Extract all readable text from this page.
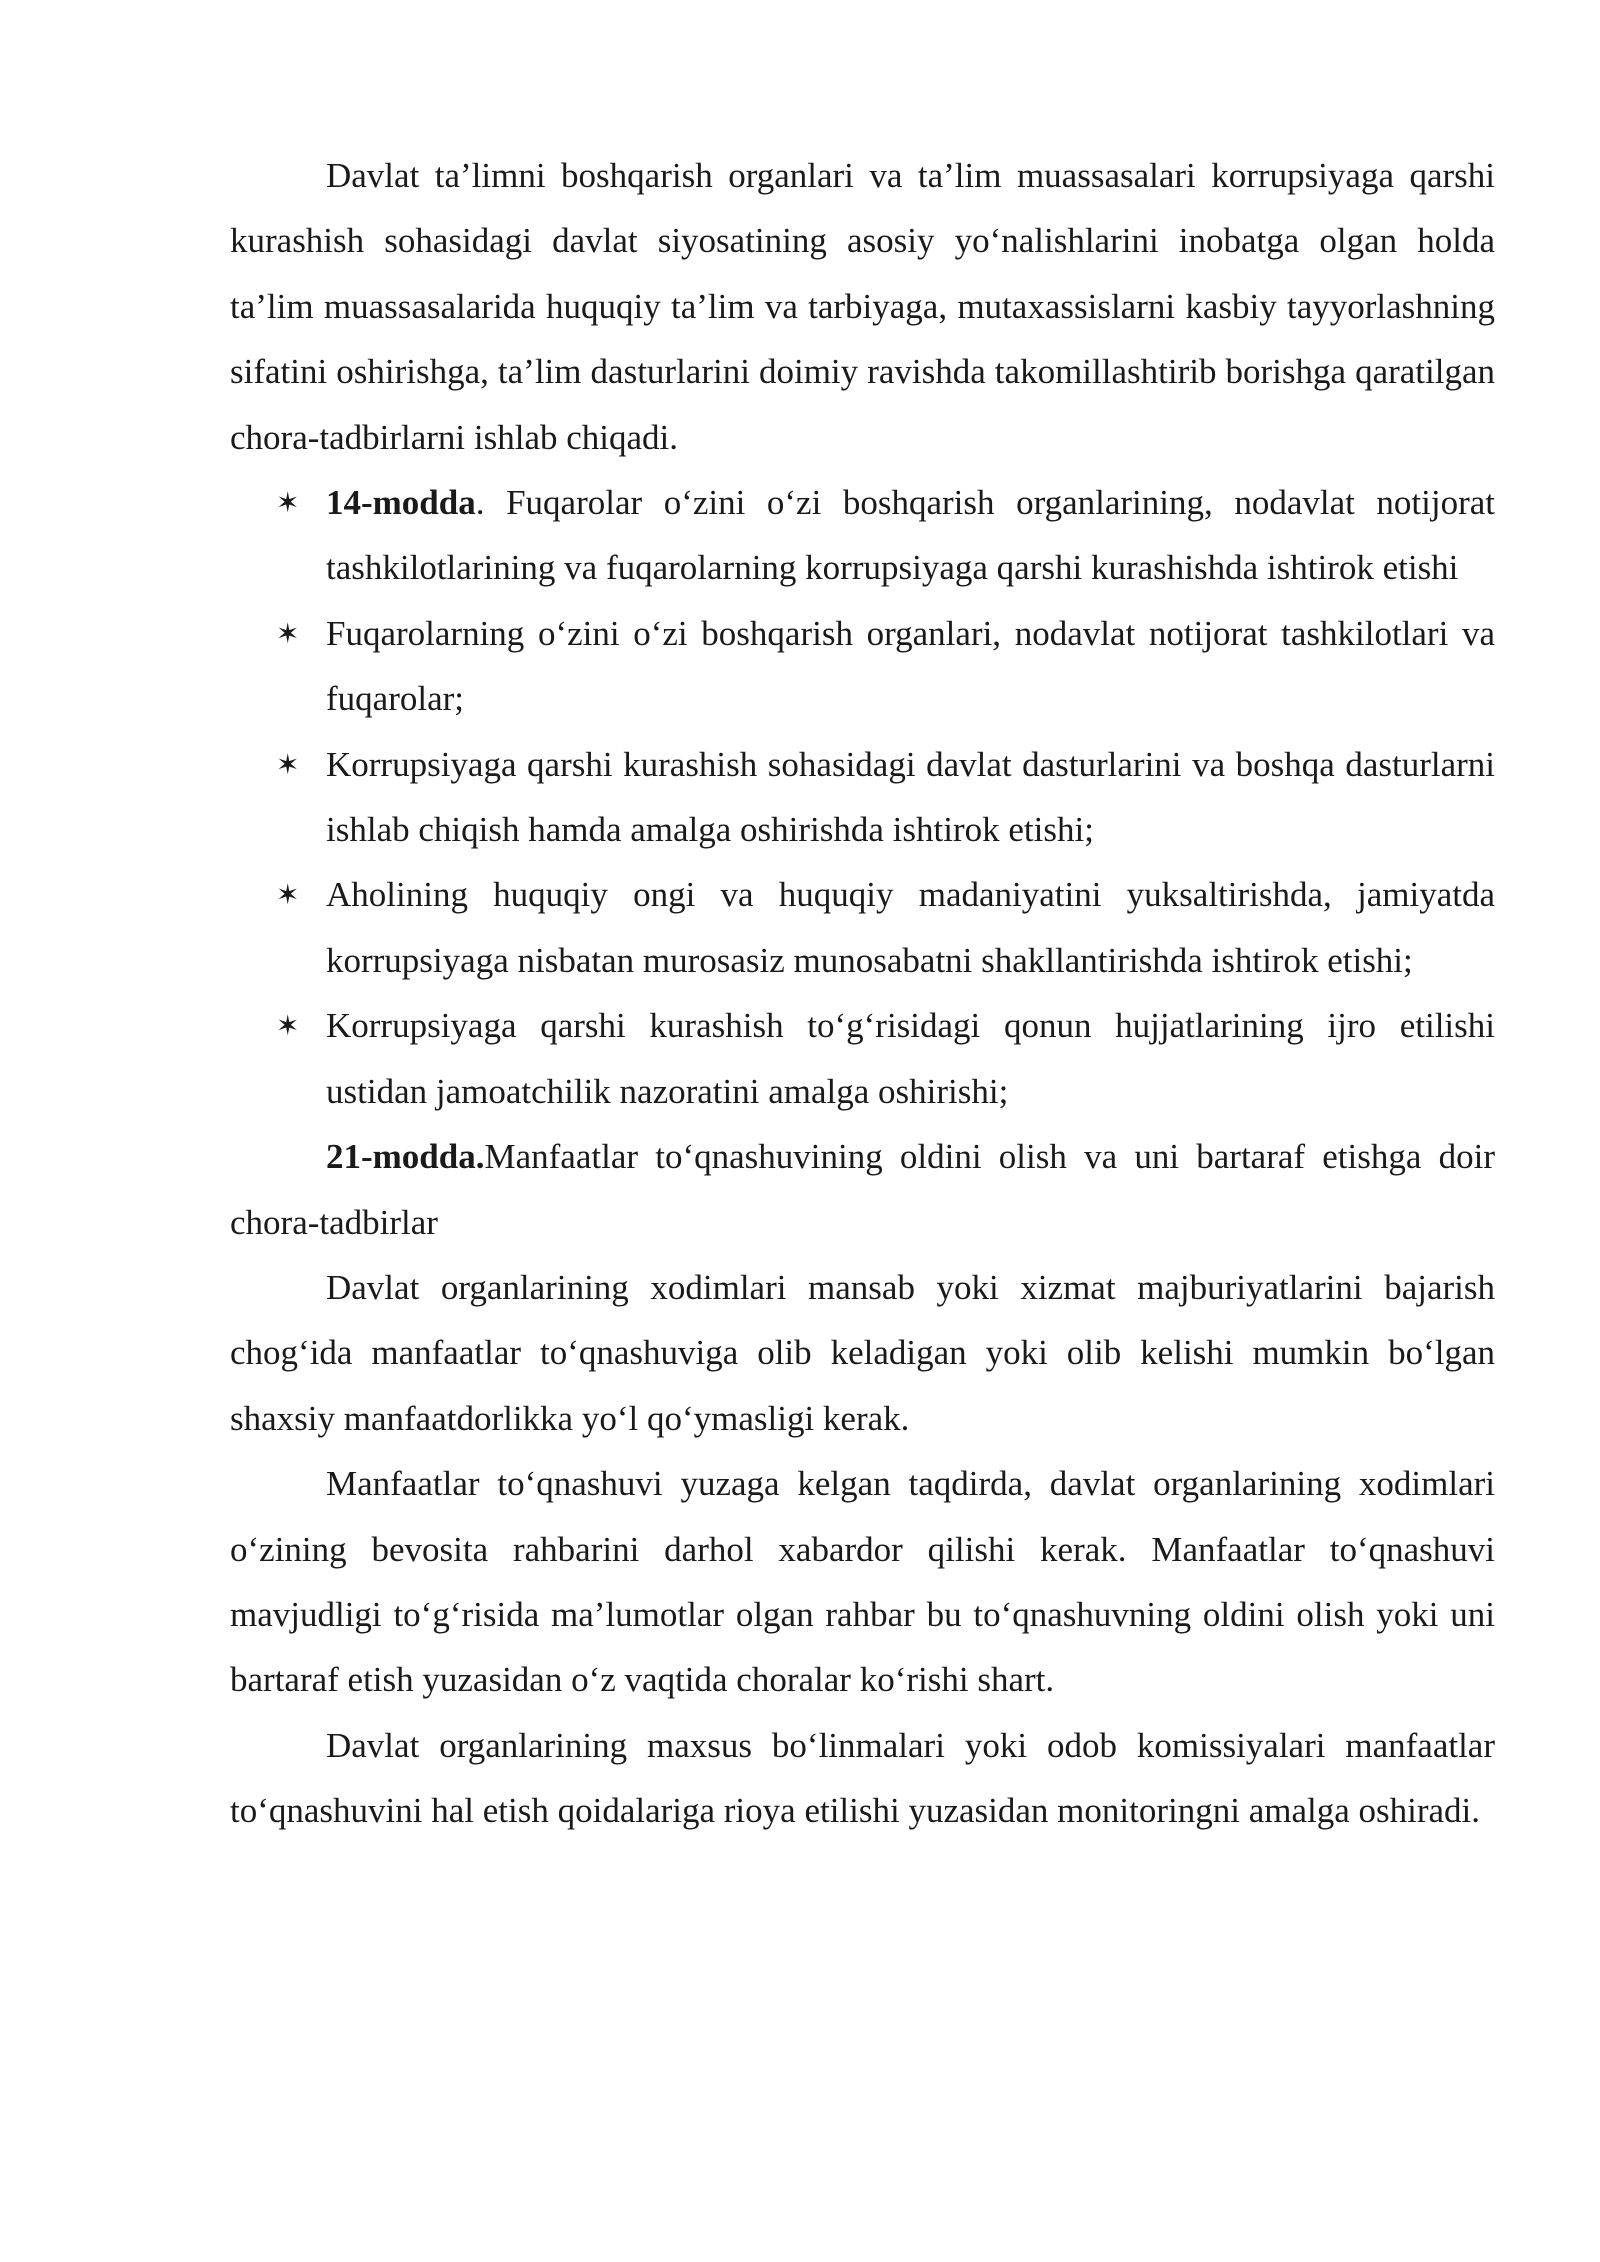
Davlat ta’limni boshqarish organlari va ta’lim muassasalari korrupsiyaga qarshi kurashish sohasidagi davlat siyosatining asosiy yo‘nalishlarini inobatga olgan holda ta’lim muassasalarida huquqiy ta’lim va tarbiyaga, mutaxassislarni kasbiy tayyorlashning sifatini oshirishga, ta’lim dasturlarini doimiy ravishda takomillashtirib borishga qaratilgan chora-tadbirlarni ishlab chiqadi.

✶ 14-modda. Fuqarolar o‘zini o‘zi boshqarish organlarining, nodavlat notijorat tashkilotlarining va fuqarolarning korrupsiyaga qarshi kurashishda ishtirok etishi
✶ Fuqarolarning o‘zini o‘zi boshqarish organlari, nodavlat notijorat tashkilotlari va fuqarolar;
✶ Korrupsiyaga qarshi kurashish sohasidagi davlat dasturlarini va boshqa dasturlarni ishlab chiqish hamda amalga oshirishda ishtirok etishi;
✶ Aholining huquqiy ongi va huquqiy madaniyatini yuksaltirishda, jamiyatda korrupsiyaga nisbatan murosasiz munosabatni shakllantirishda ishtirok etishi;
✶ Korrupsiyaga qarshi kurashish to‘g‘risidagi qonun hujjatlarining ijro etilishi ustidan jamoatchilik nazoratini amalga oshirishi;

21-modda.Manfaatlar to‘qnashuvining oldini olish va uni bartaraf etishga doir chora-tadbirlar

Davlat organlarining xodimlari mansab yoki xizmat majburiyatlarini bajarish chog‘ida manfaatlar to‘qnashuviga olib keladigan yoki olib kelishi mumkin bo‘lgan shaxsiy manfaatdorlikka yo‘l qo‘ymasligi kerak.

Manfaatlar to‘qnashuvi yuzaga kelgan taqdirda, davlat organlarining xodimlari o‘zining bevosita rahbarini darhol xabardor qilishi kerak. Manfaatlar to‘qnashuvi mavjudligi to‘g‘risida ma’lumotlar olgan rahbar bu to‘qnashuvning oldini olish yoki uni bartaraf etish yuzasidan o‘z vaqtida choralar ko‘rishi shart.

Davlat organlarining maxsus bo‘linmalari yoki odob komissiyalari manfaatlar to‘qnashuvini hal etish qoidalariga rioya etilishi yuzasidan monitoringni amalga oshiradi.
